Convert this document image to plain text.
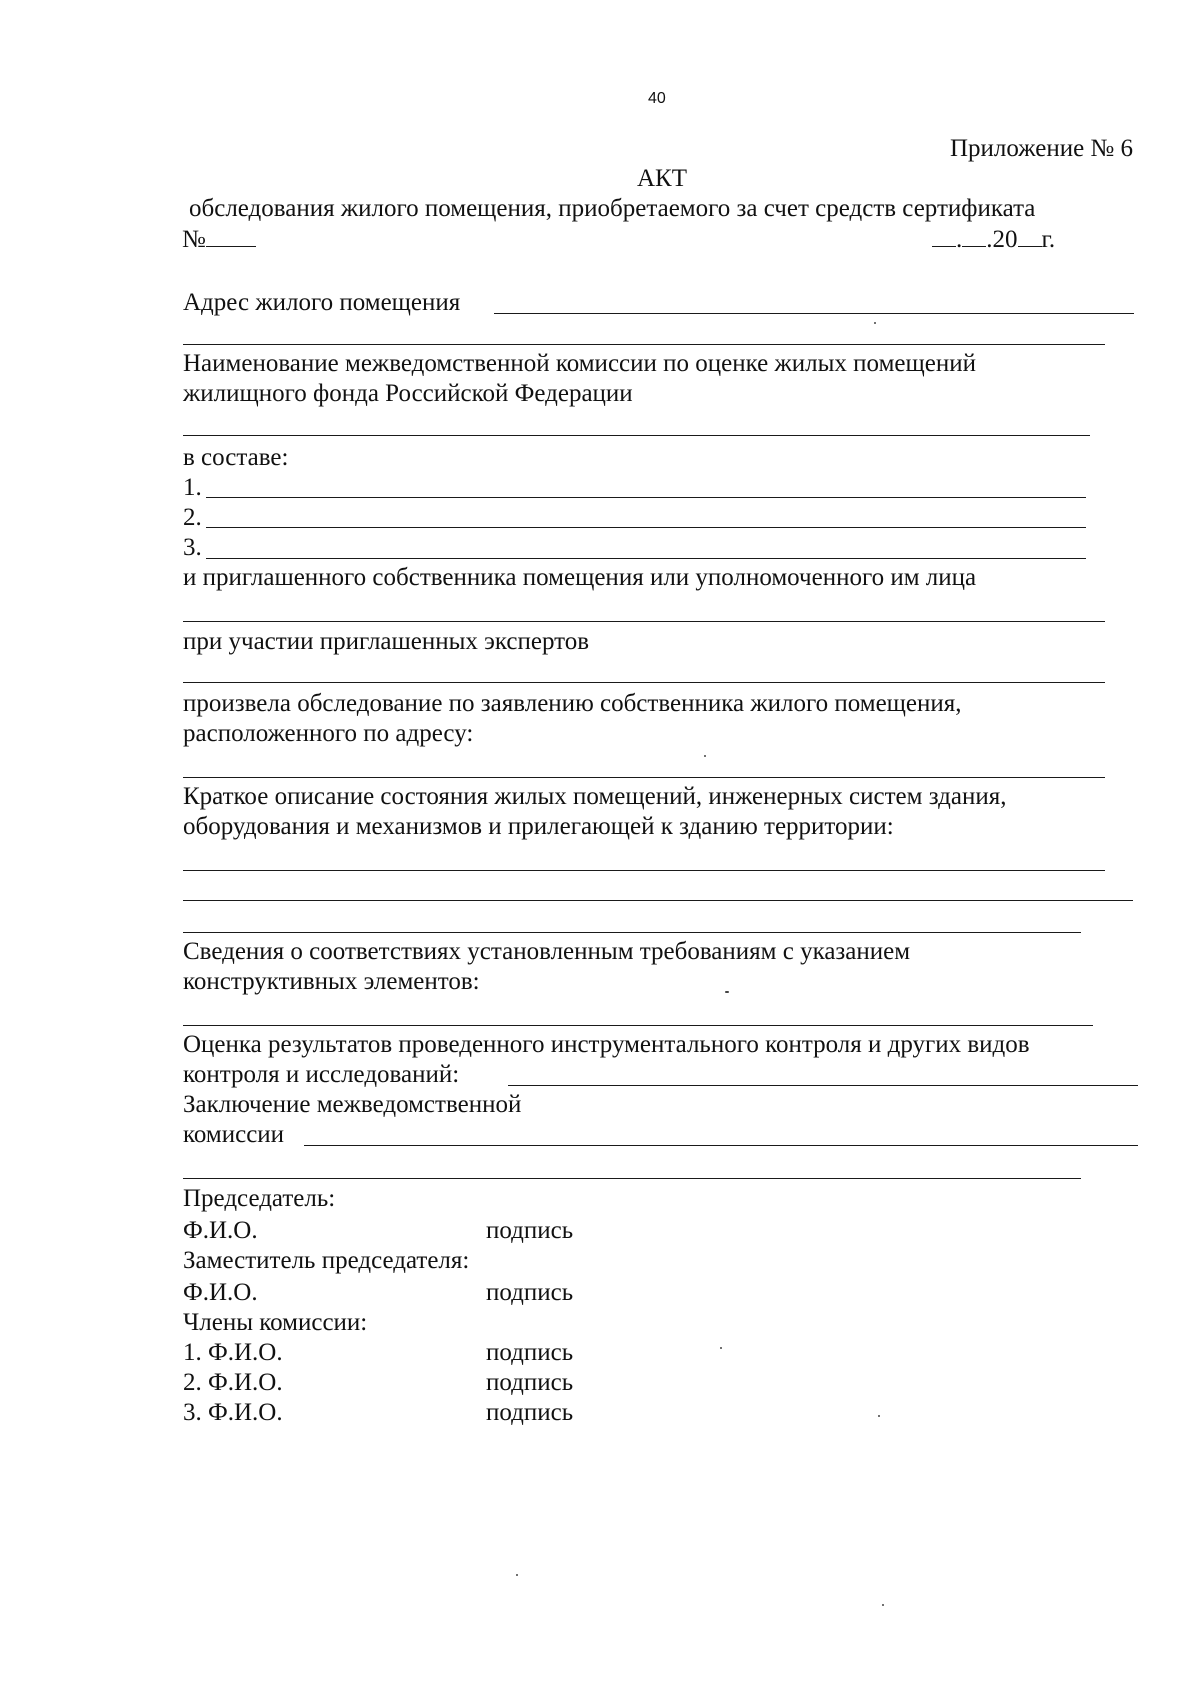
40
Приложение № 6
АКТ
обследования жилого помещения, приобретаемого за счет средств сертификата
№	. .20 г.
Адрес жилого помещения
Наименование межведомственной комиссии по оценке жилых помещений
жилищного фонда Российской Федерации
в составе:
1.
2.
3.
и приглашенного собственника помещения или уполномоченного им лица
при участии приглашенных экспертов
произвела обследование по заявлению собственника жилого помещения,
расположенного по адресу:
Краткое описание состояния жилых помещений, инженерных систем здания,
оборудования и механизмов и прилегающей к зданию территории:
Сведения о соответствиях установленным требованиям с указанием
конструктивных элементов:
Оценка результатов проведенного инструментального контроля и других видов
контроля и исследований:
Заключение межведомственной
комиссии
Председатель:
Ф.И.О.	подпись
Заместитель председателя:
Ф.И.О.	подпись
Члены комиссии:
1. Ф.И.О.	подпись
2. Ф.И.О.	подпись
3. Ф.И.О.	подпись
